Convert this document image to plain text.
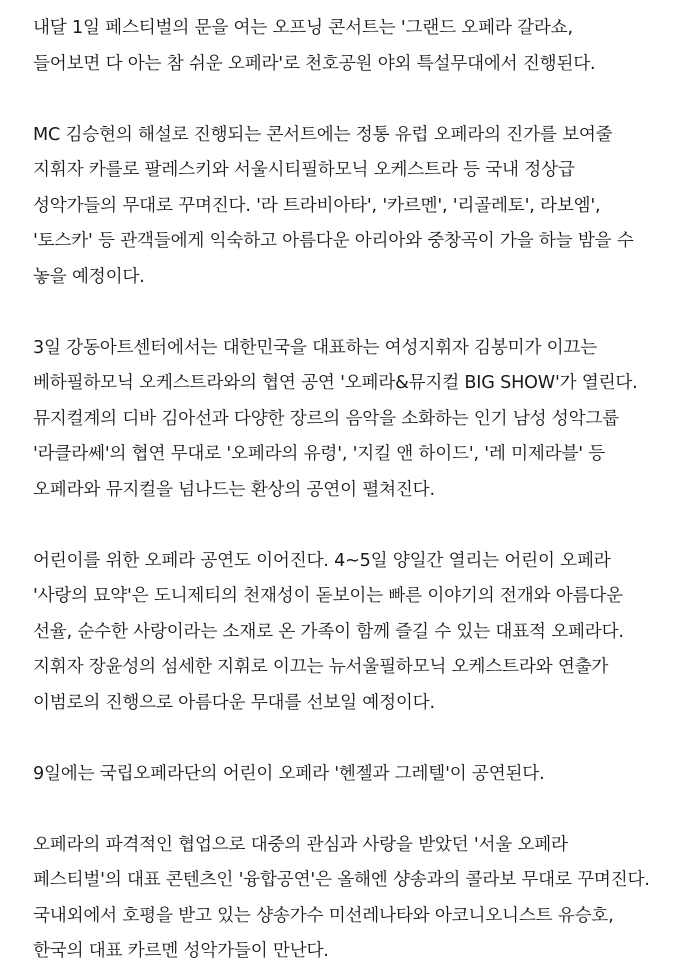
내달 1일 페스티벌의 문을 여는 오프닝 콘서트는 '그랜드 오페라 갈라쇼,
들어보면 다 아는 참 쉬운 오페라'로 천호공원 야외 특설무대에서 진행된다.
MC 김승현의 해설로 진행되는 콘서트에는 정통 유럽 오페라의 진가를 보여줄
지휘자 카를로 팔레스키와 서울시티필하모닉 오케스트라 등 국내 정상급
성악가들의 무대로 꾸며진다. '라 트라비아타', '카르멘', '리골레토', 라보엠',
'토스카' 등 관객들에게 익숙하고 아름다운 아리아와 중창곡이 가을 하늘 밤을 수
놓을 예정이다.
3일 강동아트센터에서는 대한민국을 대표하는 여성지휘자 김봉미가 이끄는
베하필하모닉 오케스트라와의 협연 공연 '오페라&뮤지컬 BIG SHOW'가 열린다.
뮤지컬계의 디바 김아선과 다양한 장르의 음악을 소화하는 인기 남성 성악그룹
'라클라쎄'의 협연 무대로 '오페라의 유령', '지킬 앤 하이드', '레 미제라블' 등
오페라와 뮤지컬을 넘나드는 환상의 공연이 펼쳐진다.
어린이를 위한 오페라 공연도 이어진다. 4~5일 양일간 열리는 어린이 오페라
'사랑의 묘약'은 도니제티의 천재성이 돋보이는 빠른 이야기의 전개와 아름다운
선율, 순수한 사랑이라는 소재로 온 가족이 함께 즐길 수 있는 대표적 오페라다.
지휘자 장윤성의 섬세한 지휘로 이끄는 뉴서울필하모닉 오케스트라와 연출가
이범로의 진행으로 아름다운 무대를 선보일 예정이다.
9일에는 국립오페라단의 어린이 오페라 '헨젤과 그레텔'이 공연된다.
오페라의 파격적인 협업으로 대중의 관심과 사랑을 받았던 '서울 오페라
페스티벌'의 대표 콘텐츠인 '융합공연'은 올해엔 샹송과의 콜라보 무대로 꾸며진다.
국내외에서 호평을 받고 있는 샹송가수 미선레나타와 아코니오니스트 유승호,
한국의 대표 카르멘 성악가들이 만난다.
